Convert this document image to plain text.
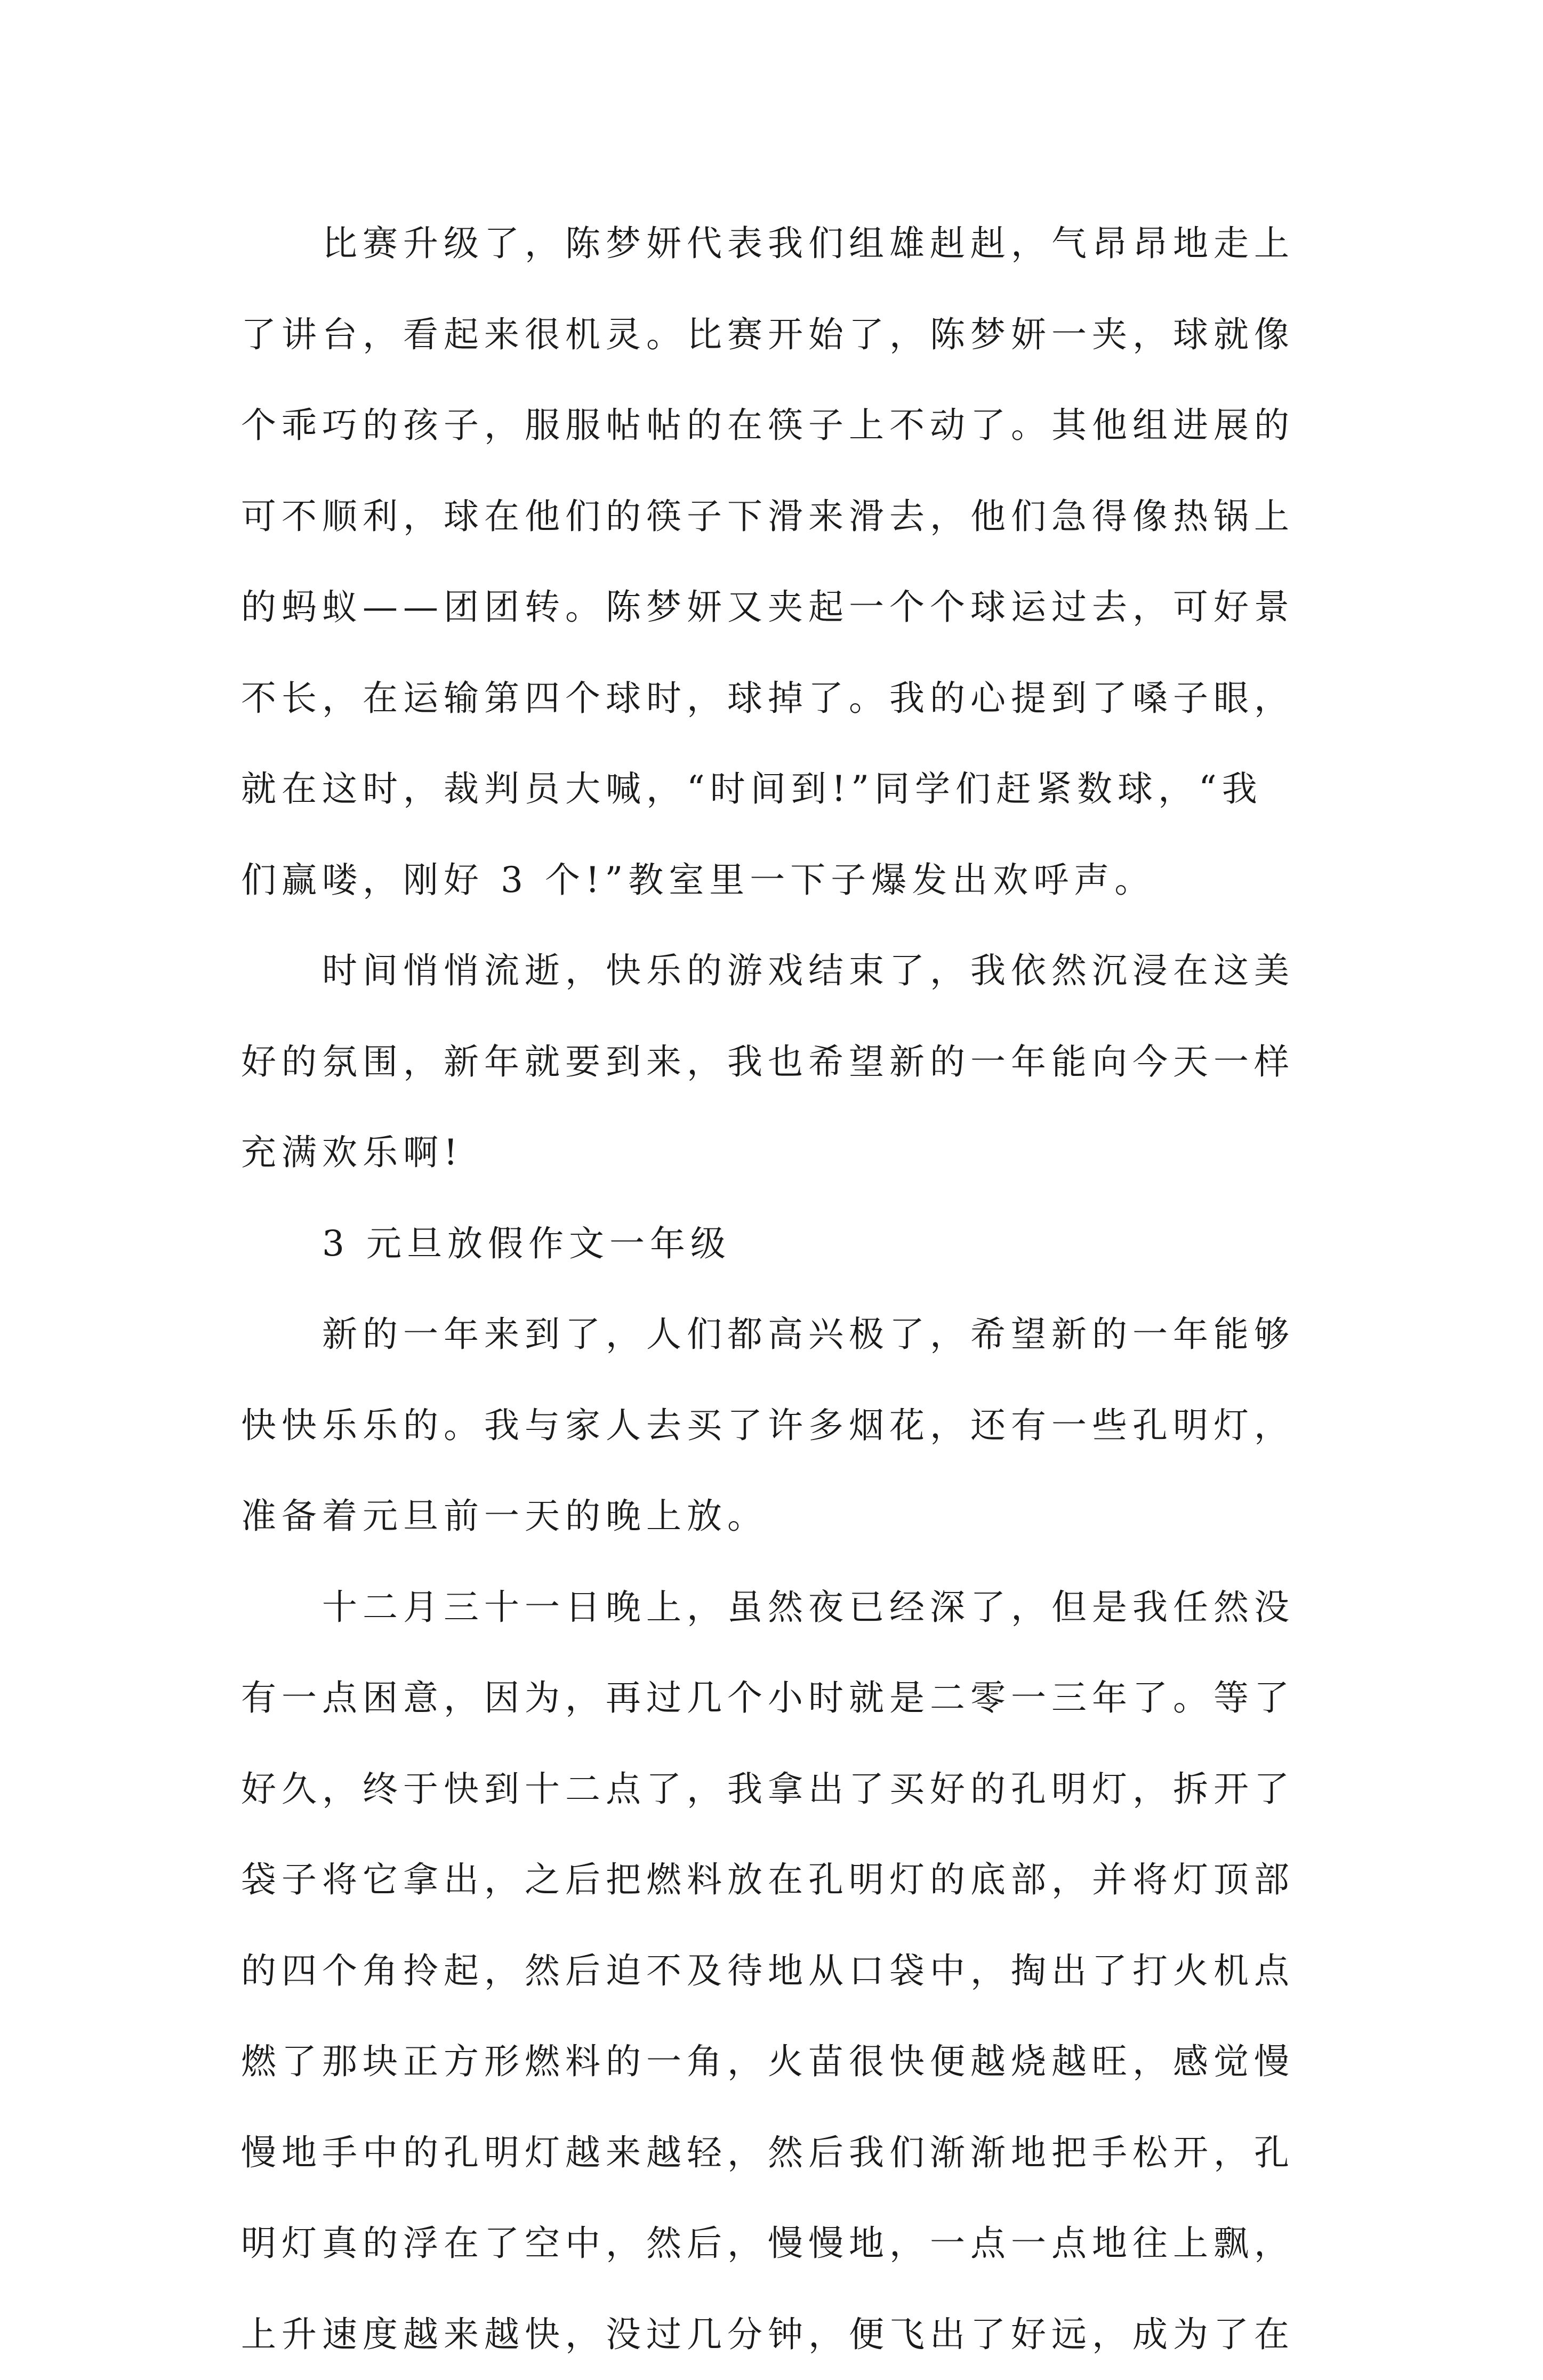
比赛升级了，陈梦妍代表我们组雄赳赳，气昂昂地走上
了讲台，看起来很机灵。比赛开始了，陈梦妍一夹，球就像
个乖巧的孩子，服服帖帖的在筷子上不动了。其他组进展的
可不顺利，球在他们的筷子下滑来滑去，他们急得像热锅上
的蚂蚁——团团转。陈梦妍又夹起一个个球运过去，可好景
不长，在运输第四个球时，球掉了。我的心提到了嗓子眼，
就在这时，裁判员大喊，“时间到!”同学们赶紧数球，“我
们赢喽，刚好 3 个!”教室里一下子爆发出欢呼声。
时间悄悄流逝，快乐的游戏结束了，我依然沉浸在这美
好的氛围，新年就要到来，我也希望新的一年能向今天一样
充满欢乐啊!
3 元旦放假作文一年级
新的一年来到了，人们都高兴极了，希望新的一年能够
快快乐乐的。我与家人去买了许多烟花，还有一些孔明灯，
准备着元旦前一天的晚上放。
十二月三十一日晚上，虽然夜已经深了，但是我任然没
有一点困意，因为，再过几个小时就是二零一三年了。等了
好久，终于快到十二点了，我拿出了买好的孔明灯，拆开了
袋子将它拿出，之后把燃料放在孔明灯的底部，并将灯顶部
的四个角拎起，然后迫不及待地从口袋中，掏出了打火机点
燃了那块正方形燃料的一角，火苗很快便越烧越旺，感觉慢
慢地手中的孔明灯越来越轻，然后我们渐渐地把手松开，孔
明灯真的浮在了空中，然后，慢慢地，一点一点地往上飘，
上升速度越来越快，没过几分钟，便飞出了好远，成为了在
